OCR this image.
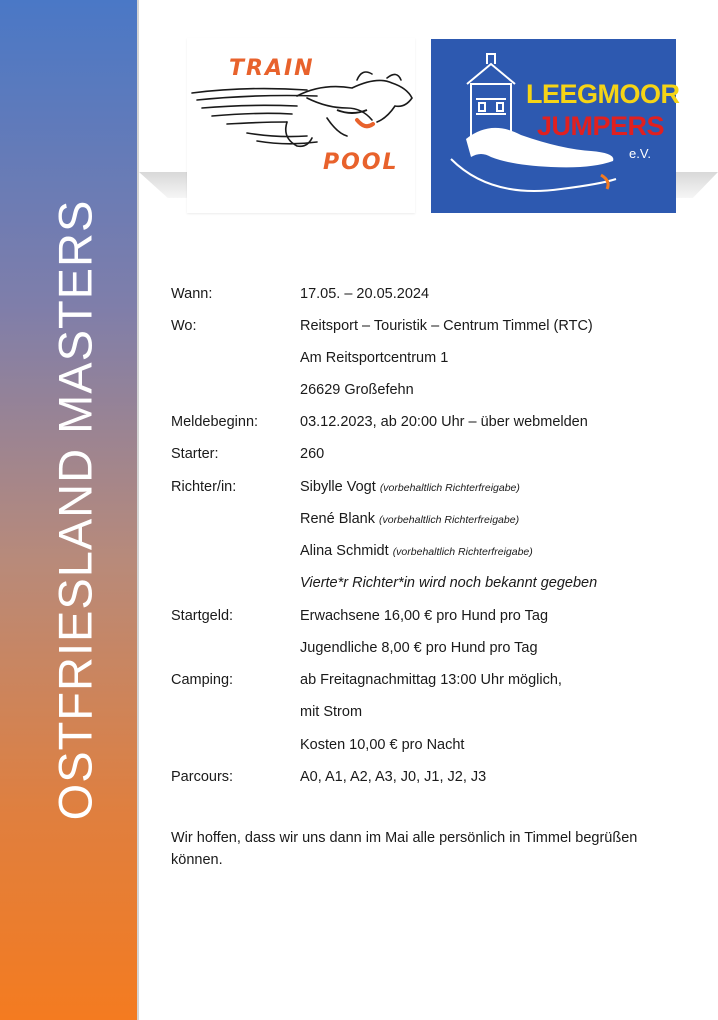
OSTFRIESLAND MASTERS
TRAIN
POOL
LEEGMOOR
JUMPERS
e.V.
Wann:	17.05. – 20.05.2024
Wo:	Reitsport – Touristik – Centrum Timmel (RTC)
Am Reitsportcentrum 1
26629 Großefehn
Meldebeginn:	03.12.2023, ab 20:00 Uhr – über webmelden
Starter:	260
Richter/in:	Sibylle Vogt (vorbehaltlich Richterfreigabe)
René Blank (vorbehaltlich Richterfreigabe)
Alina Schmidt (vorbehaltlich Richterfreigabe)
Vierte*r Richter*in wird noch bekannt gegeben
Startgeld:	Erwachsene 16,00 € pro Hund pro Tag
Jugendliche 8,00 € pro Hund pro Tag
Camping:	ab Freitagnachmittag 13:00 Uhr möglich,
mit Strom
Kosten 10,00 € pro Nacht
Parcours:	A0, A1, A2, A3, J0, J1, J2, J3
Wir hoffen, dass wir uns dann im Mai alle persönlich in Timmel begrüßen können.
